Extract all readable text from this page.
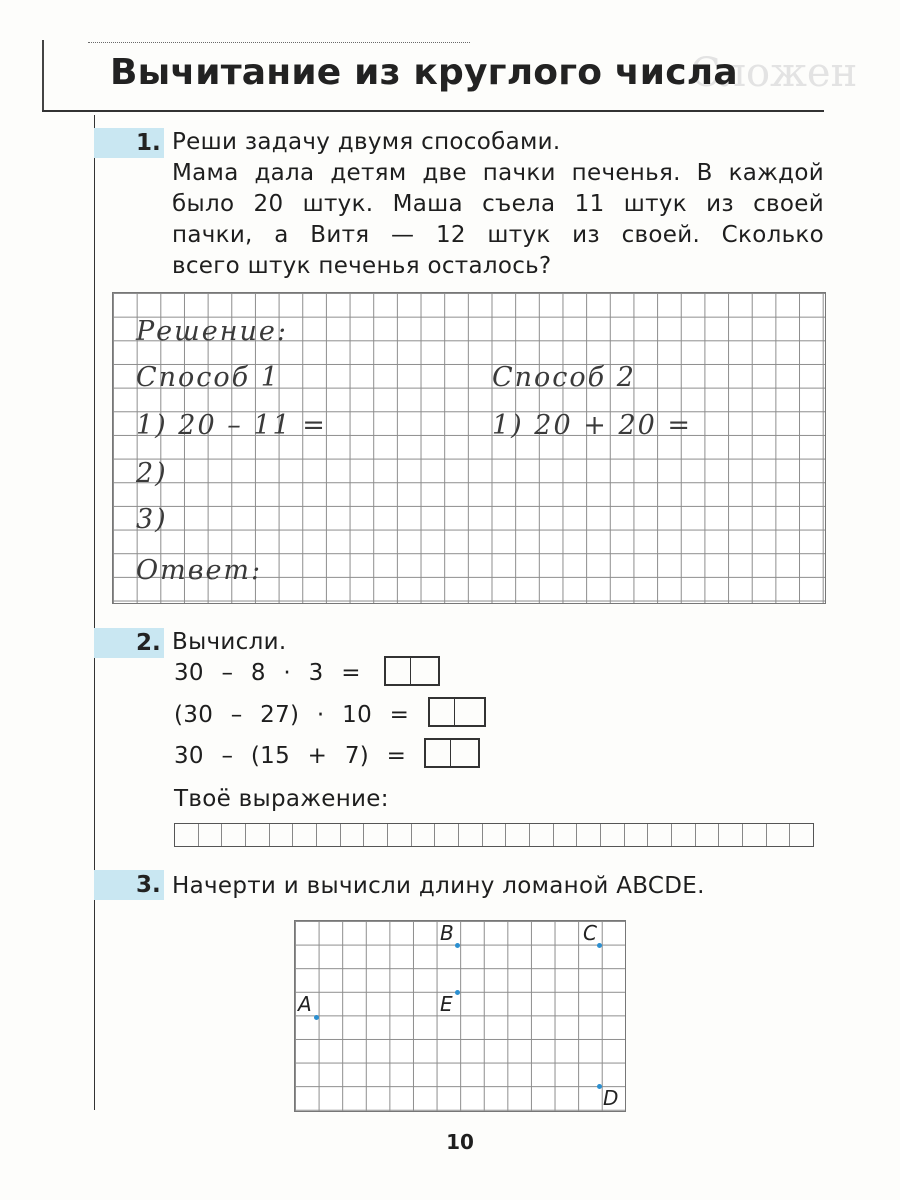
Сложен
Вычитание из круглого числа
1. Реши задачу двумя способами.
Мама дала детям две пачки печенья. В каждой
было 20 штук. Маша съела 11 штук из своей
пачки, а Витя — 12 штук из своей. Сколько
всего штук печенья осталось?
Решение:
Способ 1	Способ 2
1) 20 – 11 =	1) 20 + 20 =
2)
3)
Ответ:
2. Вычисли.
30 – 8 · 3 =
(30 – 27) · 10 =
30 – (15 + 7) =
Твоё выражение:
3. Начерти и вычисли длину ломаной ABCDE.
A
B	C
D
E
10
